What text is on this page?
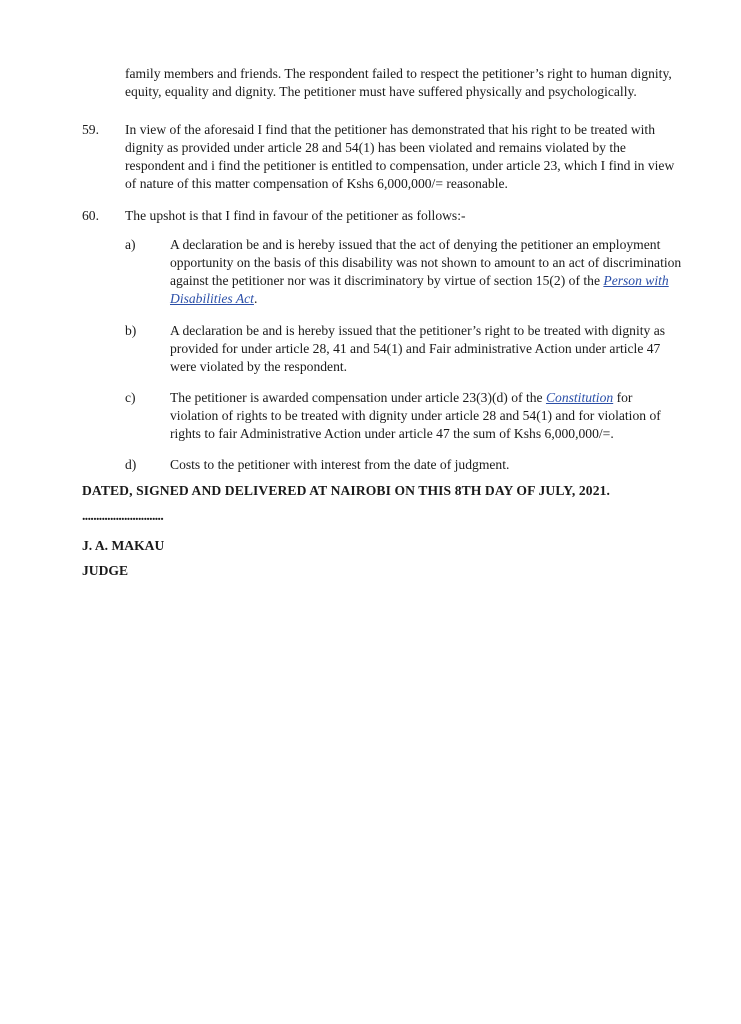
family members and friends. The respondent failed to respect the petitioner’s right to human dignity, equity, equality and dignity. The petitioner must have suffered physically and psychologically.

59.	In view of the aforesaid I find that the petitioner has demonstrated that his right to be treated with dignity as provided under article 28 and 54(1) has been violated and remains violated by the respondent and i find the petitioner is entitled to compensation, under article 23, which I find in view of nature of this matter compensation of Kshs 6,000,000/= reasonable.

60.	The upshot is that I find in favour of the petitioner as follows:-

a)	A declaration be and is hereby issued that the act of denying the petitioner an employment opportunity on the basis of this disability was not shown to amount to an act of discrimination against the petitioner nor was it discriminatory by virtue of section 15(2) of the Person with Disabilities Act.

b)	A declaration be and is hereby issued that the petitioner’s right to be treated with dignity as provided for under article 28, 41 and 54(1) and Fair administrative Action under article 47 were violated by the respondent.

c)	The petitioner is awarded compensation under article 23(3)(d) of the Constitution for violation of rights to be treated with dignity under article 28 and 54(1) and for violation of rights to fair Administrative Action under article 47 the sum of Kshs 6,000,000/=.

d)	Costs to the petitioner with interest from the date of judgment.

DATED, SIGNED AND DELIVERED AT NAIROBI ON THIS 8TH DAY OF JULY, 2021.
.............................
J. A. MAKAU
JUDGE
